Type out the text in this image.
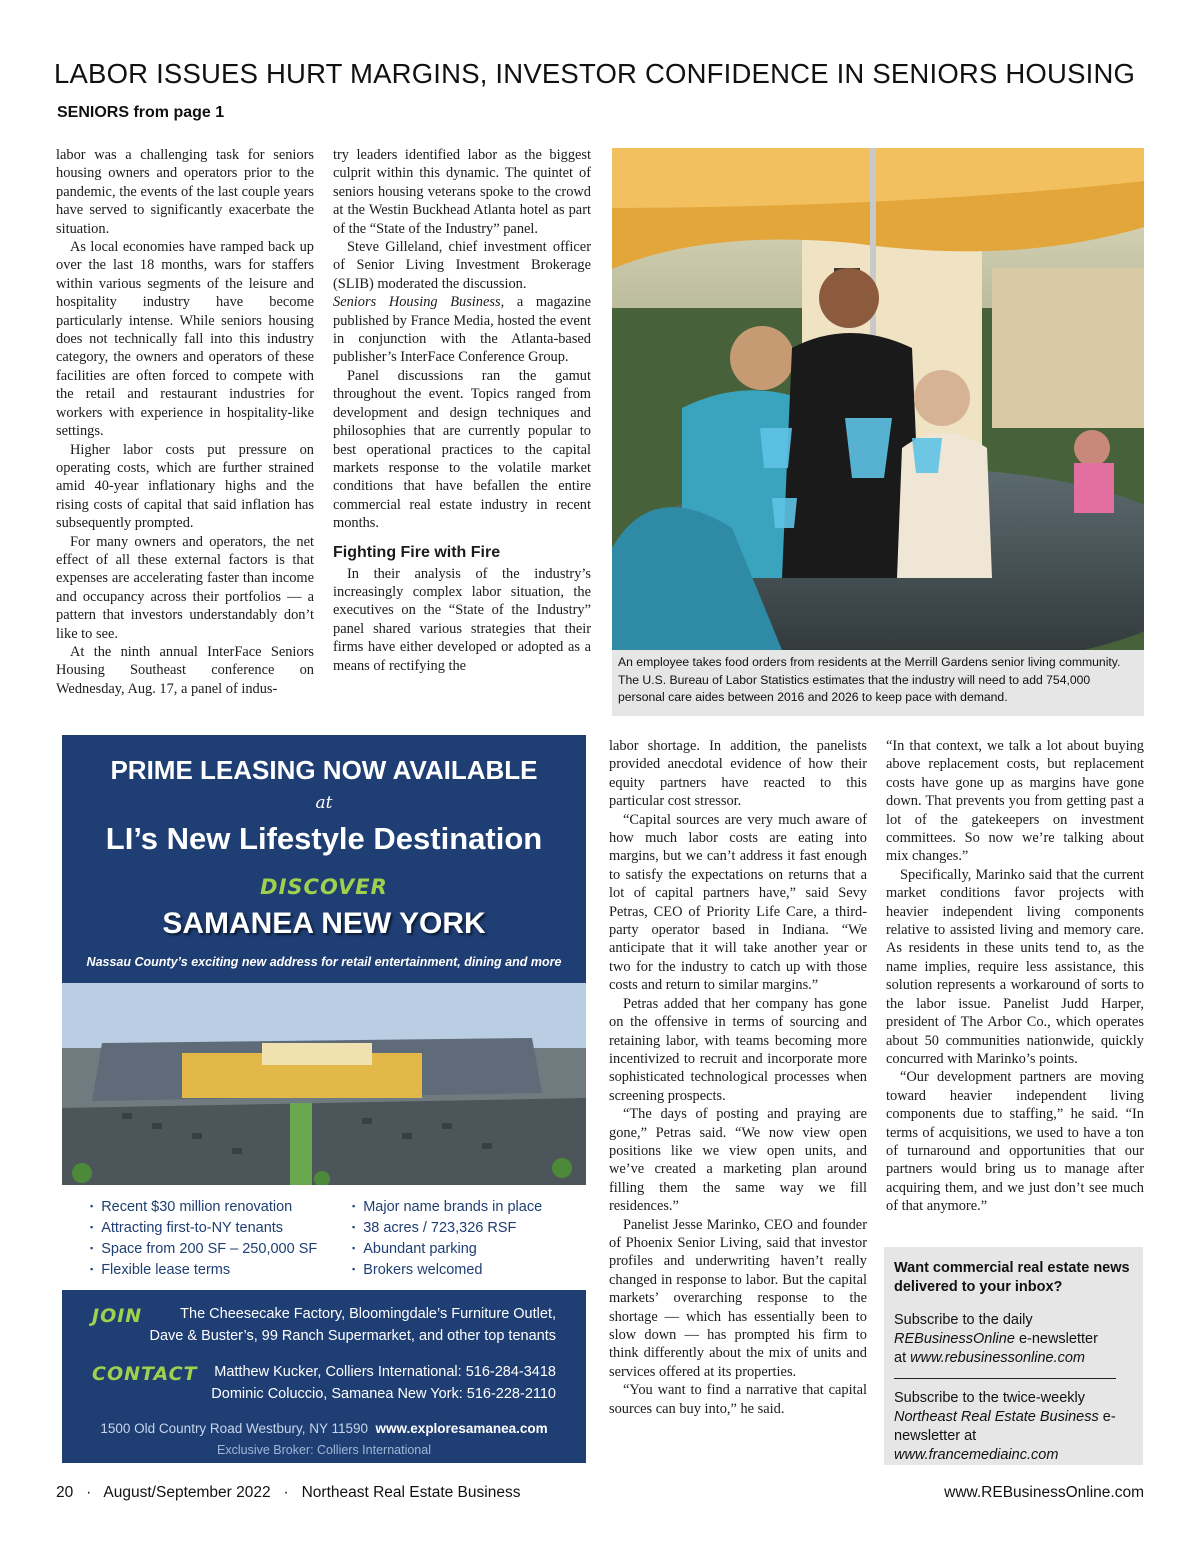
LABOR ISSUES HURT MARGINS, INVESTOR CONFIDENCE IN SENIORS HOUSING
SENIORS from page 1

labor was a challenging task for seniors housing owners and operators prior to the pandemic, the events of the last couple years have served to significantly exacerbate the situation.

As local economies have ramped back up over the last 18 months, wars for staffers within various segments of the leisure and hospitality industry have become particularly intense. While seniors housing does not technically fall into this industry category, the owners and operators of these facilities are often forced to compete with the retail and restaurant industries for workers with experience in hospitality-like settings.

Higher labor costs put pressure on operating costs, which are further strained amid 40-year inflationary highs and the rising costs of capital that said inflation has subsequently prompted.

For many owners and operators, the net effect of all these external factors is that expenses are accelerating faster than income and occupancy across their portfolios — a pattern that investors understandably don’t like to see.

At the ninth annual InterFace Seniors Housing Southeast conference on Wednesday, Aug. 17, a panel of indus-

try leaders identified labor as the biggest culprit within this dynamic. The quintet of seniors housing veterans spoke to the crowd at the Westin Buckhead Atlanta hotel as part of the “State of the Industry” panel.

Steve Gilleland, chief investment officer of Senior Living Investment Brokerage (SLIB) moderated the discussion.

Seniors Housing Business, a magazine published by France Media, hosted the event in conjunction with the Atlanta-based publisher’s InterFace Conference Group.

Panel discussions ran the gamut throughout the event. Topics ranged from development and design techniques and philosophies that are currently popular to best operational practices to the capital markets response to the volatile market conditions that have befallen the entire commercial real estate industry in recent months.

Fighting Fire with Fire

In their analysis of the industry’s increasingly complex labor situation, the executives on the “State of the Industry” panel shared various strategies that their firms have either developed or adopted as a means of rectifying the	An employee takes food orders from residents at the Merrill Gardens senior living community. The U.S. Bureau of Labor Statistics estimates that the industry will need to add 754,000 personal care aides between 2016 and 2026 to keep pace with demand.
PRIME LEASING NOW AVAILABLE
at
LI’s New Lifestyle Destination
DISCOVER
SAMANEA NEW YORK
Nassau County’s exciting new address for retail entertainment, dining and more
▪ Recent $30 million renovation
▪ Attracting first-to-NY tenants
▪ Space from 200 SF – 250,000 SF
▪ Flexible lease terms
▪ Major name brands in place
▪ 38 acres / 723,326 RSF
▪ Abundant parking
▪ Brokers welcomed
JOIN	The Cheesecake Factory, Bloomingdale’s Furniture Outlet,
Dave & Buster’s, 99 Ranch Supermarket, and other top tenants
CONTACT Matthew Kucker, Colliers International: 516-284-3418
Dominic Coluccio, Samanea New York: 516-228-2110
1500 Old Country Road Westbury, NY 11590 www.exploresamanea.com
Exclusive Broker: Colliers International

labor shortage. In addition, the panelists provided anecdotal evidence of how their equity partners have reacted to this particular cost stressor.

“Capital sources are very much aware of how much labor costs are eating into margins, but we can’t address it fast enough to satisfy the expectations on returns that a lot of capital partners have,” said Sevy Petras, CEO of Priority Life Care, a third-party operator based in Indiana. “We anticipate that it will take another year or two for the industry to catch up with those costs and return to similar margins.”

Petras added that her company has gone on the offensive in terms of sourcing and retaining labor, with teams becoming more incentivized to recruit and incorporate more sophisticated technological processes when screening prospects.

“The days of posting and praying are gone,” Petras said. “We now view open positions like we view open units, and we’ve created a marketing plan around filling them the same way we fill residences.”

Panelist Jesse Marinko, CEO and founder of Phoenix Senior Living, said that investor profiles and underwriting haven’t really changed in response to labor. But the capital markets’ overarching response to the shortage — which has essentially been to slow down — has prompted his firm to think differently about the mix of units and services offered at its properties.

“You want to find a narrative that capital sources can buy into,” he said.

“In that context, we talk a lot about buying above replacement costs, but replacement costs have gone up as margins have gone down. That prevents you from getting past a lot of the gatekeepers on investment committees. So now we’re talking about mix changes.”

Specifically, Marinko said that the current market conditions favor projects with heavier independent living components relative to assisted living and memory care. As residents in these units tend to, as the name implies, require less assistance, this solution represents a workaround of sorts to the labor issue. Panelist Judd Harper, president of The Arbor Co., which operates about 50 communities nationwide, quickly concurred with Marinko’s points.

“Our development partners are moving toward heavier independent living components due to staffing,” he said. “In terms of acquisitions, we used to have a ton of turnaround and opportunities that our partners would bring us to manage after acquiring them, and we just don’t see much of that anymore.”

Want commercial real estate news delivered to your inbox?
Subscribe to the daily
REBusinessOnline e-newsletter
at www.rebusinessonline.com
Subscribe to the twice-weekly
Northeast Real Estate Business e-newsletter at
www.francemediainc.com
20 · August/September 2022 · Northeast Real Estate Business	www.REBusinessOnline.com
